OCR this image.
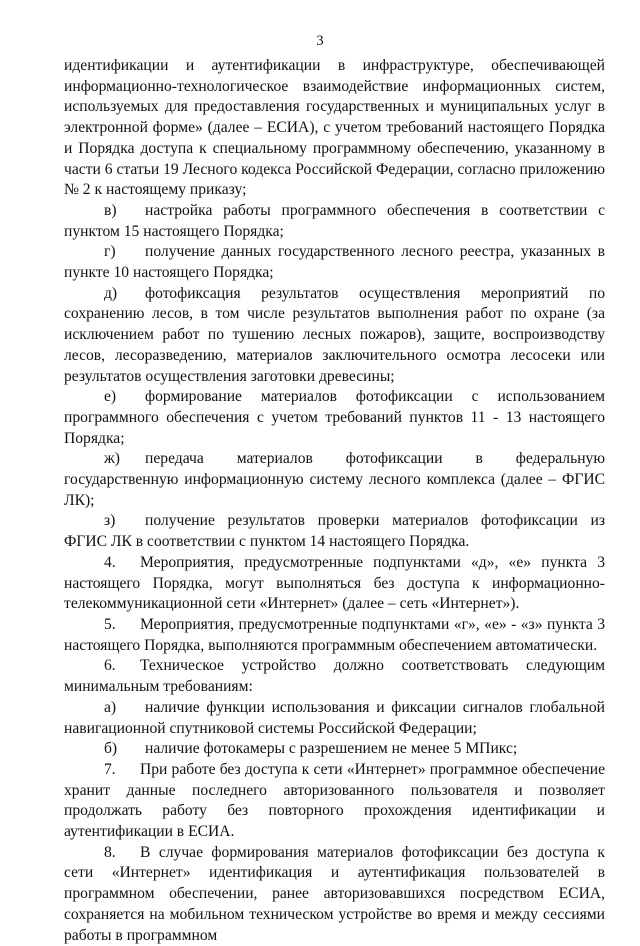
3

идентификации и аутентификации в инфраструктуре, обеспечивающей информационно-технологическое взаимодействие информационных систем, используемых для предоставления государственных и муниципальных услуг в электронной форме» (далее – ЕСИА), с учетом требований настоящего Порядка и Порядка доступа к специальному программному обеспечению, указанному в части 6 статьи 19 Лесного кодекса Российской Федерации, согласно приложению № 2 к настоящему приказу;

в) настройка работы программного обеспечения в соответствии с пунктом 15 настоящего Порядка;

г) получение данных государственного лесного реестра, указанных в пункте 10 настоящего Порядка;

д) фотофиксация результатов осуществления мероприятий по сохранению лесов, в том числе результатов выполнения работ по охране (за исключением работ по тушению лесных пожаров), защите, воспроизводству лесов, лесоразведению, материалов заключительного осмотра лесосеки или результатов осуществления заготовки древесины;

е) формирование материалов фотофиксации с использованием программного обеспечения с учетом требований пунктов 11 - 13 настоящего Порядка;

ж) передача материалов фотофиксации в федеральную государственную информационную систему лесного комплекса (далее – ФГИС ЛК);

з) получение результатов проверки материалов фотофиксации из ФГИС ЛК в соответствии с пунктом 14 настоящего Порядка.

4. Мероприятия, предусмотренные подпунктами «д», «е» пункта 3 настоящего Порядка, могут выполняться без доступа к информационно-телекоммуникационной сети «Интернет» (далее – сеть «Интернет»).

5. Мероприятия, предусмотренные подпунктами «г», «е» - «з» пункта 3 настоящего Порядка, выполняются программным обеспечением автоматически.

6. Техническое устройство должно соответствовать следующим минимальным требованиям:

а) наличие функции использования и фиксации сигналов глобальной навигационной спутниковой системы Российской Федерации;

б) наличие фотокамеры с разрешением не менее 5 МПикс;

7. При работе без доступа к сети «Интернет» программное обеспечение хранит данные последнего авторизованного пользователя и позволяет продолжать работу без повторного прохождения идентификации и аутентификации в ЕСИА.

8. В случае формирования материалов фотофиксации без доступа к сети «Интернет» идентификация и аутентификация пользователей в программном обеспечении, ранее авторизовавшихся посредством ЕСИА, сохраняется на мобильном техническом устройстве во время и между сессиями работы в программном
